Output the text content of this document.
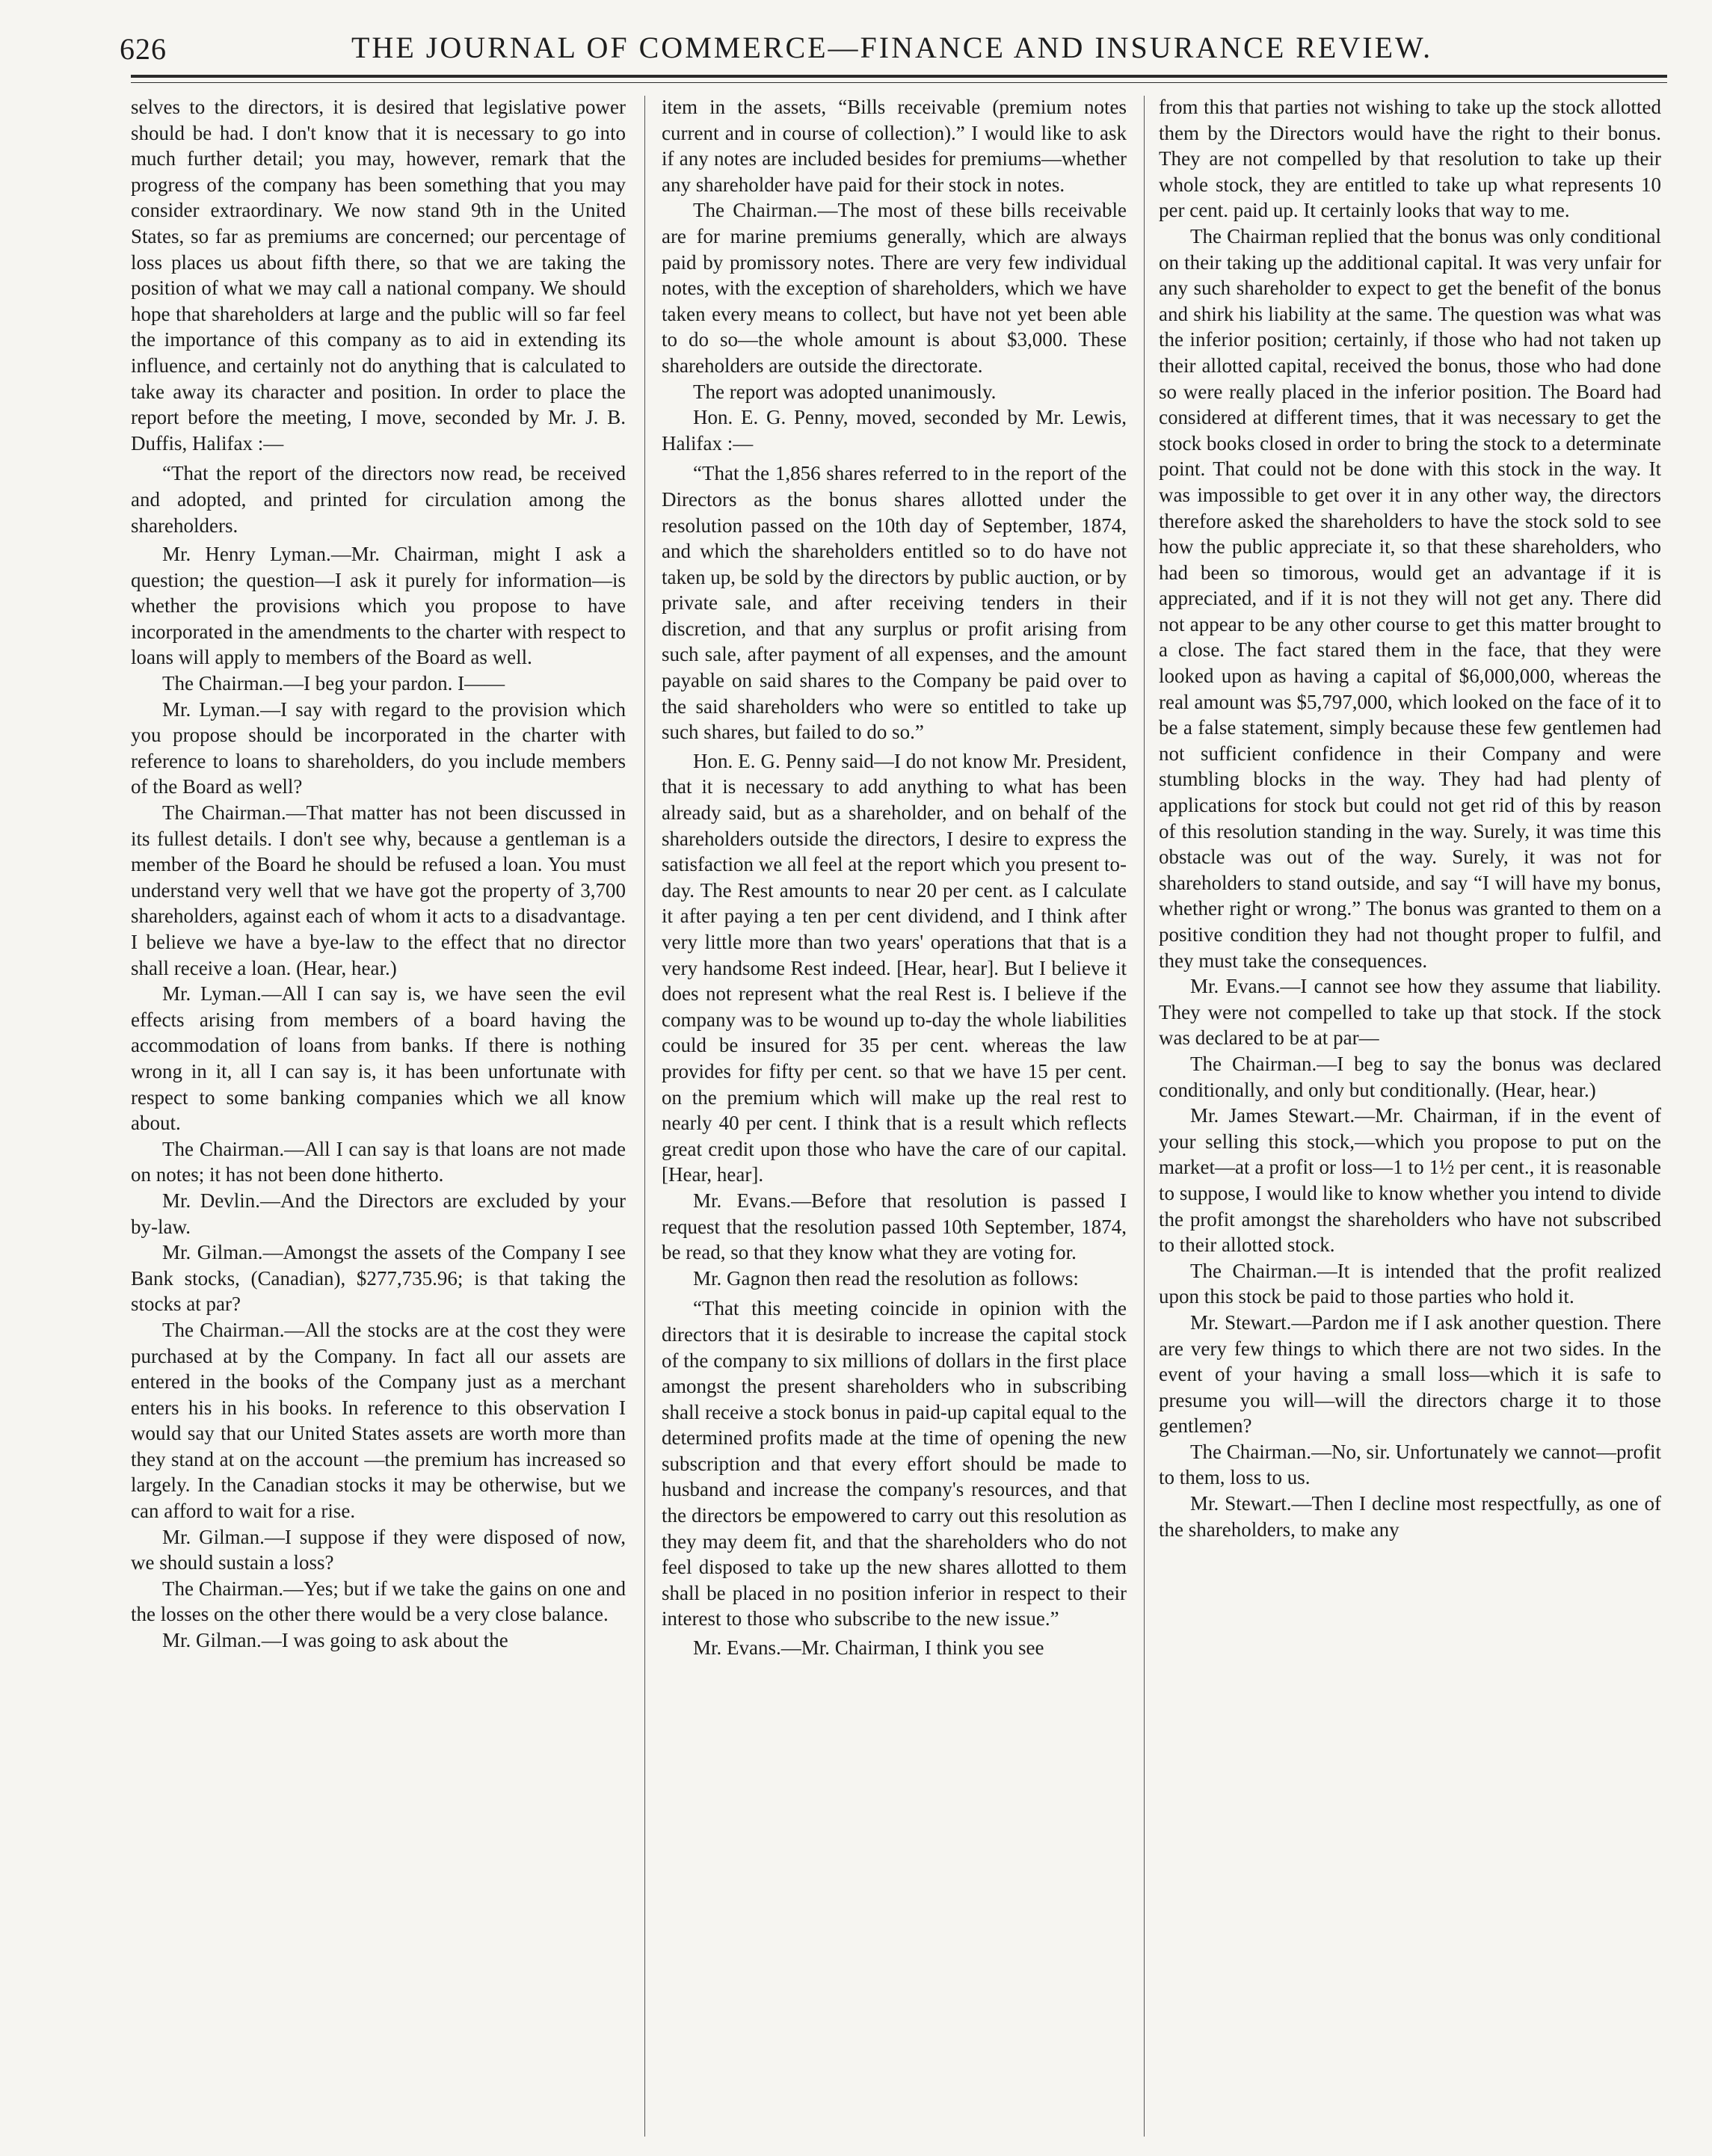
626	THE JOURNAL OF COMMERCE—FINANCE AND INSURANCE REVIEW.

selves to the directors, it is desired that legislative power should be had. I don't know that it is necessary to go into much further detail; you may, however, remark that the progress of the company has been something that you may consider extraordinary. We now stand 9th in the United States, so far as premiums are concerned; our percentage of loss places us about fifth there, so that we are taking the position of what we may call a national company. We should hope that shareholders at large and the public will so far feel the importance of this company as to aid in extending its influence, and certainly not do anything that is calculated to take away its character and position. In order to place the report before the meeting, I move, seconded by Mr. J. B. Duffis, Halifax :—

“That the report of the directors now read, be received and adopted, and printed for circulation among the shareholders.

Mr. Henry Lyman.—Mr. Chairman, might I ask a question; the question—I ask it purely for information—is whether the provisions which you propose to have incorporated in the amendments to the charter with respect to loans will apply to members of the Board as well.

The Chairman.—I beg your pardon. I——

Mr. Lyman.—I say with regard to the provision which you propose should be incorporated in the charter with reference to loans to shareholders, do you include members of the Board as well?

The Chairman.—That matter has not been discussed in its fullest details. I don't see why, because a gentleman is a member of the Board he should be refused a loan. You must understand very well that we have got the property of 3,700 shareholders, against each of whom it acts to a disadvantage. I believe we have a bye-law to the effect that no director shall receive a loan. (Hear, hear.)

Mr. Lyman.—All I can say is, we have seen the evil effects arising from members of a board having the accommodation of loans from banks. If there is nothing wrong in it, all I can say is, it has been unfortunate with respect to some banking companies which we all know about.

The Chairman.—All I can say is that loans are not made on notes; it has not been done hitherto.

Mr. Devlin.—And the Directors are excluded by your by-law.

Mr. Gilman.—Amongst the assets of the Company I see Bank stocks, (Canadian), $277,735.96; is that taking the stocks at par?

The Chairman.—All the stocks are at the cost they were purchased at by the Company. In fact all our assets are entered in the books of the Company just as a merchant enters his in his books. In reference to this observation I would say that our United States assets are worth more than they stand at on the account —the premium has increased so largely. In the Canadian stocks it may be otherwise, but we can afford to wait for a rise.

Mr. Gilman.—I suppose if they were disposed of now, we should sustain a loss?

The Chairman.—Yes; but if we take the gains on one and the losses on the other there would be a very close balance.

Mr. Gilman.—I was going to ask about the

item in the assets, “Bills receivable (premium notes current and in course of collection).” I would like to ask if any notes are included besides for premiums—whether any shareholder have paid for their stock in notes.

The Chairman.—The most of these bills receivable are for marine premiums generally, which are always paid by promissory notes. There are very few individual notes, with the exception of shareholders, which we have taken every means to collect, but have not yet been able to do so—the whole amount is about $3,000. These shareholders are outside the directorate.

The report was adopted unanimously.

Hon. E. G. Penny, moved, seconded by Mr. Lewis, Halifax :—

“That the 1,856 shares referred to in the report of the Directors as the bonus shares allotted under the resolution passed on the 10th day of September, 1874, and which the shareholders entitled so to do have not taken up, be sold by the directors by public auction, or by private sale, and after receiving tenders in their discretion, and that any surplus or profit arising from such sale, after payment of all expenses, and the amount payable on said shares to the Company be paid over to the said shareholders who were so entitled to take up such shares, but failed to do so.”

Hon. E. G. Penny said—I do not know Mr. President, that it is necessary to add anything to what has been already said, but as a shareholder, and on behalf of the shareholders outside the directors, I desire to express the satisfaction we all feel at the report which you present to-day. The Rest amounts to near 20 per cent. as I calculate it after paying a ten per cent dividend, and I think after very little more than two years' operations that that is a very handsome Rest indeed. [Hear, hear]. But I believe it does not represent what the real Rest is. I believe if the company was to be wound up to-day the whole liabilities could be insured for 35 per cent. whereas the law provides for fifty per cent. so that we have 15 per cent. on the premium which will make up the real rest to nearly 40 per cent. I think that is a result which reflects great credit upon those who have the care of our capital. [Hear, hear].

Mr. Evans.—Before that resolution is passed I request that the resolution passed 10th September, 1874, be read, so that they know what they are voting for.

Mr. Gagnon then read the resolution as follows:

“That this meeting coincide in opinion with the directors that it is desirable to increase the capital stock of the company to six millions of dollars in the first place amongst the present shareholders who in subscribing shall receive a stock bonus in paid-up capital equal to the determined profits made at the time of opening the new subscription and that every effort should be made to husband and increase the company's resources, and that the directors be empowered to carry out this resolution as they may deem fit, and that the shareholders who do not feel disposed to take up the new shares allotted to them shall be placed in no position inferior in respect to their interest to those who subscribe to the new issue.”

Mr. Evans.—Mr. Chairman, I think you see

from this that parties not wishing to take up the stock allotted them by the Directors would have the right to their bonus. They are not compelled by that resolution to take up their whole stock, they are entitled to take up what represents 10 per cent. paid up. It certainly looks that way to me.

The Chairman replied that the bonus was only conditional on their taking up the additional capital. It was very unfair for any such shareholder to expect to get the benefit of the bonus and shirk his liability at the same. The question was what was the inferior position; certainly, if those who had not taken up their allotted capital, received the bonus, those who had done so were really placed in the inferior position. The Board had considered at different times, that it was necessary to get the stock books closed in order to bring the stock to a determinate point. That could not be done with this stock in the way. It was impossible to get over it in any other way, the directors therefore asked the shareholders to have the stock sold to see how the public appreciate it, so that these shareholders, who had been so timorous, would get an advantage if it is appreciated, and if it is not they will not get any. There did not appear to be any other course to get this matter brought to a close. The fact stared them in the face, that they were looked upon as having a capital of $6,000,000, whereas the real amount was $5,797,000, which looked on the face of it to be a false statement, simply because these few gentlemen had not sufficient confidence in their Company and were stumbling blocks in the way. They had had plenty of applications for stock but could not get rid of this by reason of this resolution standing in the way. Surely, it was time this obstacle was out of the way. Surely, it was not for shareholders to stand outside, and say “I will have my bonus, whether right or wrong.” The bonus was granted to them on a positive condition they had not thought proper to fulfil, and they must take the consequences.

Mr. Evans.—I cannot see how they assume that liability. They were not compelled to take up that stock. If the stock was declared to be at par—

The Chairman.—I beg to say the bonus was declared conditionally, and only but conditionally. (Hear, hear.)

Mr. James Stewart.—Mr. Chairman, if in the event of your selling this stock,—which you propose to put on the market—at a profit or loss—1 to 1½ per cent., it is reasonable to suppose, I would like to know whether you intend to divide the profit amongst the shareholders who have not subscribed to their allotted stock.

The Chairman.—It is intended that the profit realized upon this stock be paid to those parties who hold it.

Mr. Stewart.—Pardon me if I ask another question. There are very few things to which there are not two sides. In the event of your having a small loss—which it is safe to presume you will—will the directors charge it to those gentlemen?

The Chairman.—No, sir. Unfortunately we cannot—profit to them, loss to us.

Mr. Stewart.—Then I decline most respectfully, as one of the shareholders, to make any
